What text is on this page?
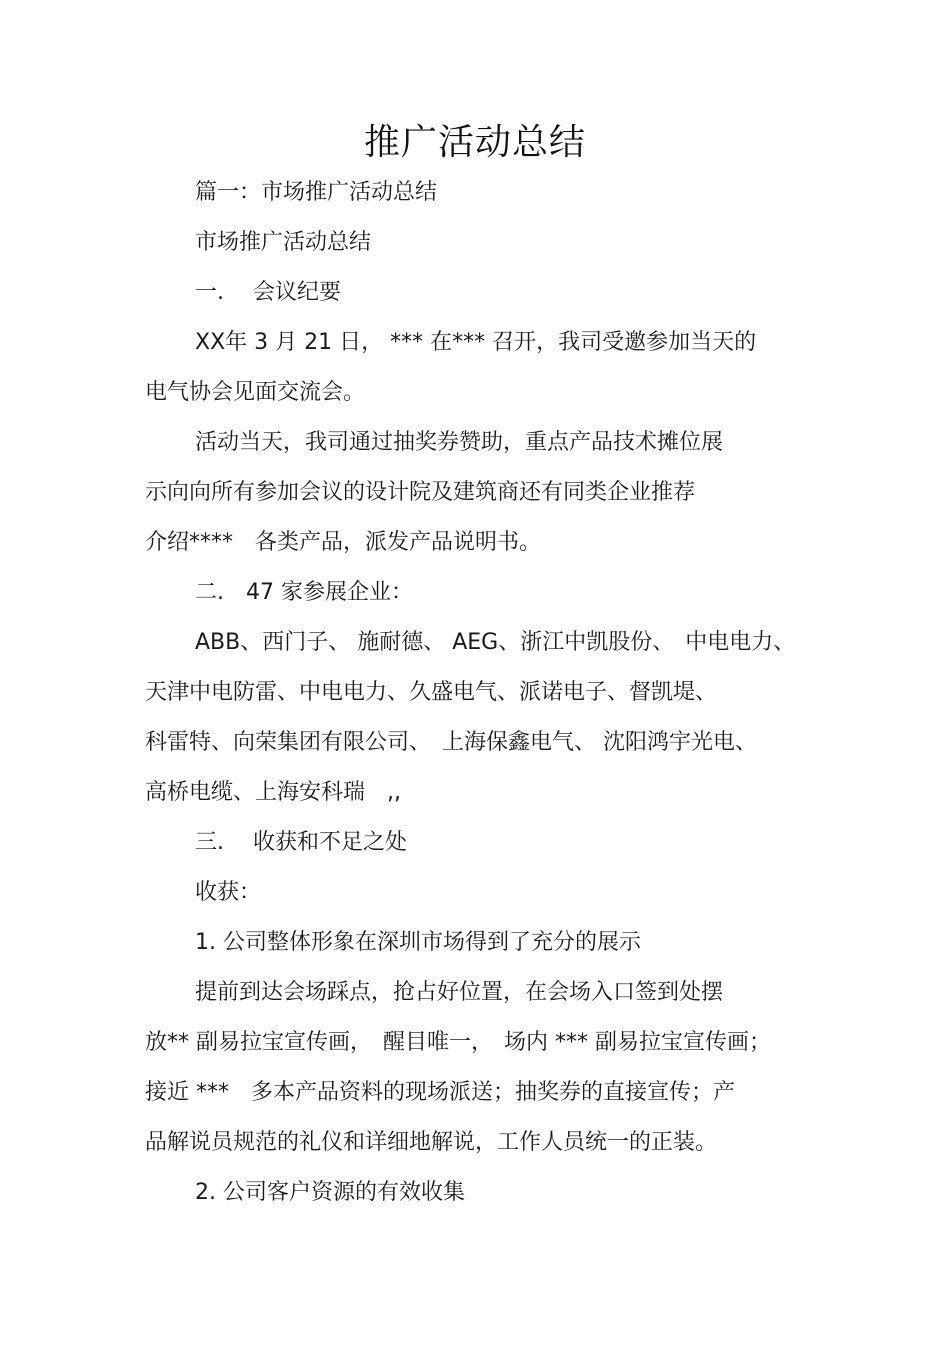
推广活动总结
篇一：市场推广活动总结
市场推广活动总结
一.　 会议纪要
XX年 3 月 21 日， *** 在*** 召开，我司受邀参加当天的
电气协会见面交流会。
活动当天，我司通过抽奖券赞助，重点产品技术摊位展
示向向所有参加会议的设计院及建筑商还有同类企业推荐
介绍****　各类产品，派发产品说明书。
二.　47 家参展企业：
ABB、西门子、 施耐德、 AEG、浙江中凯股份、　中电电力、
天津中电防雷、中电电力、久盛电气、派诺电子、督凯堤、
科雷特、向荣集团有限公司、　上海保鑫电气、 沈阳鸿宇光电、
高桥电缆、上海安科瑞　,,
三.　 收获和不足之处
收获：
1. 公司整体形象在深圳市场得到了充分的展示
提前到达会场踩点，抢占好位置，在会场入口签到处摆
放** 副易拉宝宣传画，　醒目唯一，　场内 *** 副易拉宝宣传画；
接近 ***　多本产品资料的现场派送；抽奖券的直接宣传；产
品解说员规范的礼仪和详细地解说，工作人员统一的正装。
2. 公司客户资源的有效收集
